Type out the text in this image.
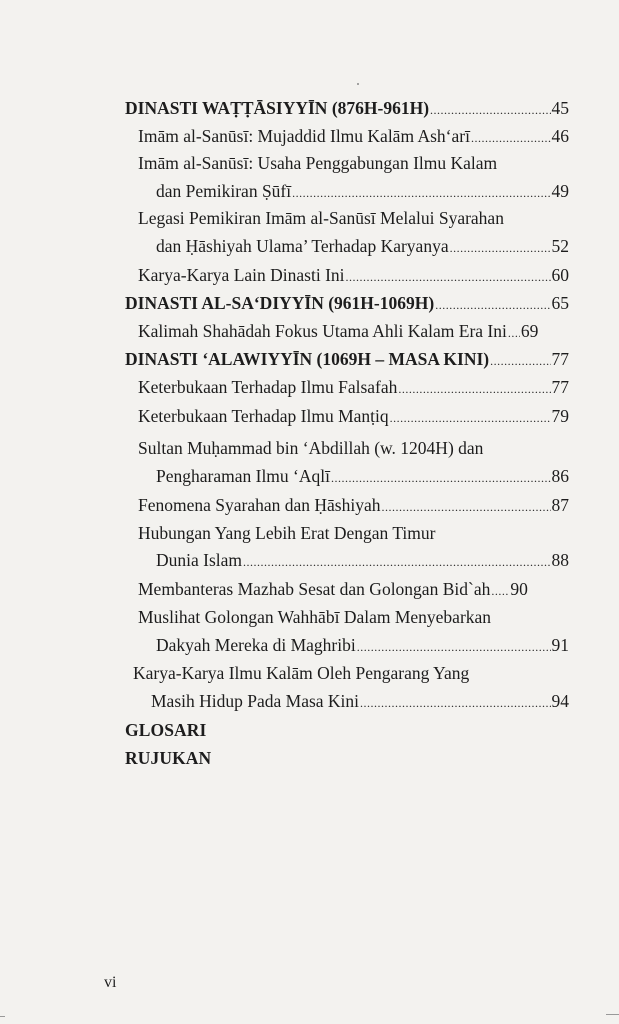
DINASTI WAṬṬĀSIYYĪN (876H-961H) .....	45
Imām al-Sanūsī: Mujaddid Ilmu Kalām Ash‘arī .....	46
Imām al-Sanūsī: Usaha Penggabungan Ilmu Kalam
dan Pemikiran Ṣūfī .....	49
Legasi Pemikiran Imām al-Sanūsī Melalui Syarahan
dan Ḥāshiyah Ulama’ Terhadap Karyanya .....	52
Karya-Karya Lain Dinasti Ini .....	60
DINASTI AL-SA‘DIYYĪN (961H-1069H) .....	65
Kalimah Shahādah Fokus Utama Ahli Kalam Era Ini ..... 69
DINASTI ‘ALAWIYYĪN (1069H – MASA KINI) .....	77
Keterbukaan Terhadap Ilmu Falsafah .....	77
Keterbukaan Terhadap Ilmu Manṭiq .....	79
Sultan Muḥammad bin ‘Abdillah (w. 1204H) dan
Pengharaman Ilmu ‘Aqlī .....	86
Fenomena Syarahan dan Ḥāshiyah .....	87
Hubungan Yang Lebih Erat Dengan Timur
Dunia Islam .....	88
Membanteras Mazhab Sesat dan Golongan Bid`ah ..... 90
Muslihat Golongan Wahhābī Dalam Menyebarkan
Dakyah Mereka di Maghribi .....	91
Karya-Karya Ilmu Kalām Oleh Pengarang Yang
Masih Hidup Pada Masa Kini .....	94
GLOSARI
RUJUKAN
vi
